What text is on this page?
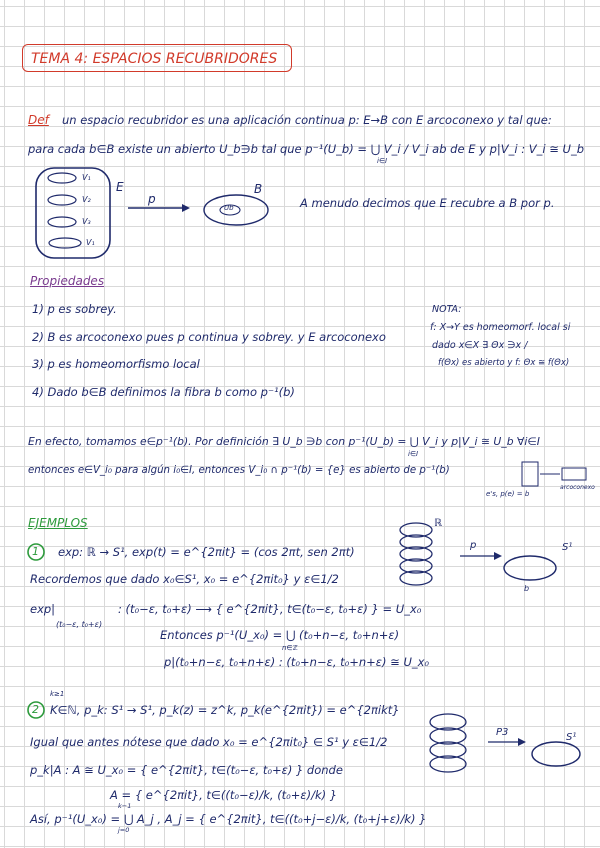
TEMA 4: ESPACIOS RECUBRIDORES
Def un espacio recubridor es una aplicación continua p: E→B con E arcoconexo y tal que:
para cada b∈B existe un abierto U_b∋b tal que p⁻¹(U_b) = ⋃ V_i / V_i ab de E y p|V_i : V_i ≅ U_b
i∈I
V₁
V₂
V₃
V₁
E
p
B
Ub	A menudo decimos que E recubre a B por p.
Propiedades
1) p es sobrey.
2) B es arcoconexo pues p continua y sobrey. y E arcoconexo
3) p es homeomorfismo local
4) Dado b∈B definimos la fibra b como p⁻¹(b)
NOTA:
f: X→Y es homeomorf. local si
dado x∈X ∃ Θx ∋x /
f(Θx) es abierto y f: Θx ≅ f(Θx)
En efecto, tomamos e∈p⁻¹(b). Por definición ∃ U_b ∋b con p⁻¹(U_b) = ⋃ V_i y p|V_i ≅ U_b ∀i∈I
i∈I
entonces e∈V_i₀ para algún i₀∈I, entonces V_i₀ ∩ p⁻¹(b) = {e} es abierto de p⁻¹(b)
e's, p(e) = b
arcoconexo
EJEMPLOS
1 exp: ℝ → S¹, exp(t) = e^{2πit} = (cos 2πt, sen 2πt)
Recordemos que dado x₀∈S¹, x₀ = e^{2πit₀} y ε∈1/2
exp|
(t₀−ε, t₀+ε)
: (t₀−ε, t₀+ε) ⟶ { e^{2πit}, t∈(t₀−ε, t₀+ε) } = U_x₀
Entonces p⁻¹(U_x₀) = ⋃ (t₀+n−ε, t₀+n+ε)
n∈ℤ
p|(t₀+n−ε, t₀+n+ε) : (t₀+n−ε, t₀+n+ε) ≅ U_x₀
ℝ
p	S¹
b
k≥1
2 K∈ℕ, p_k: S¹ → S¹, p_k(z) = z^k, p_k(e^{2πit}) = e^{2πikt}
Igual que antes nótese que dado x₀ = e^{2πit₀} ∈ S¹ y ε∈1/2
p_k|A : A ≅ U_x₀ = { e^{2πit}, t∈(t₀−ε, t₀+ε) } donde
A = { e^{2πit}, t∈((t₀−ε)/k, (t₀+ε)/k) }
Así, p⁻¹(U_x₀) = ⋃ A_j , A_j = { e^{2πit}, t∈((t₀+j−ε)/k, (t₀+j+ε)/k) }
k−1
j=0
P3	S¹
